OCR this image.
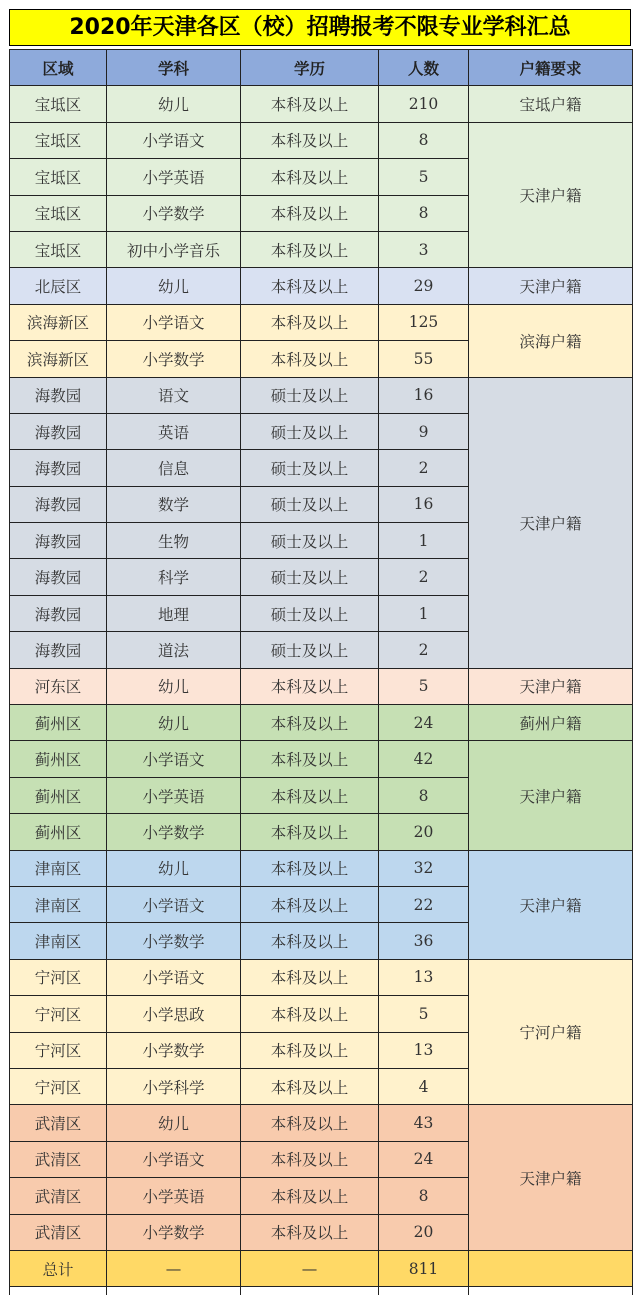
2020年天津各区（校）招聘报考不限专业学科汇总
区域	学科	学历	人数	户籍要求
宝坻区	幼儿	本科及以上	210	宝坻户籍
宝坻区	小学语文	本科及以上	8	天津户籍
宝坻区	小学英语	本科及以上	5	
宝坻区	小学数学	本科及以上	8	
宝坻区	初中小学音乐	本科及以上	3	
北辰区	幼儿	本科及以上	29	天津户籍
滨海新区	小学语文	本科及以上	125	滨海户籍
滨海新区	小学数学	本科及以上	55	
海教园	语文	硕士及以上	16	天津户籍
海教园	英语	硕士及以上	9	
海教园	信息	硕士及以上	2	
海教园	数学	硕士及以上	16	
海教园	生物	硕士及以上	1	
海教园	科学	硕士及以上	2	
海教园	地理	硕士及以上	1	
海教园	道法	硕士及以上	2	
河东区	幼儿	本科及以上	5	天津户籍
蓟州区	幼儿	本科及以上	24	蓟州户籍
蓟州区	小学语文	本科及以上	42	天津户籍
蓟州区	小学英语	本科及以上	8	
蓟州区	小学数学	本科及以上	20	
津南区	幼儿	本科及以上	32	天津户籍
津南区	小学语文	本科及以上	22	
津南区	小学数学	本科及以上	36	
宁河区	小学语文	本科及以上	13	宁河户籍
宁河区	小学思政	本科及以上	5	
宁河区	小学数学	本科及以上	13	
宁河区	小学科学	本科及以上	4	
武清区	幼儿	本科及以上	43	天津户籍
武清区	小学语文	本科及以上	24	
武清区	小学英语	本科及以上	8	
武清区	小学数学	本科及以上	20	
总计	—	—	811	
